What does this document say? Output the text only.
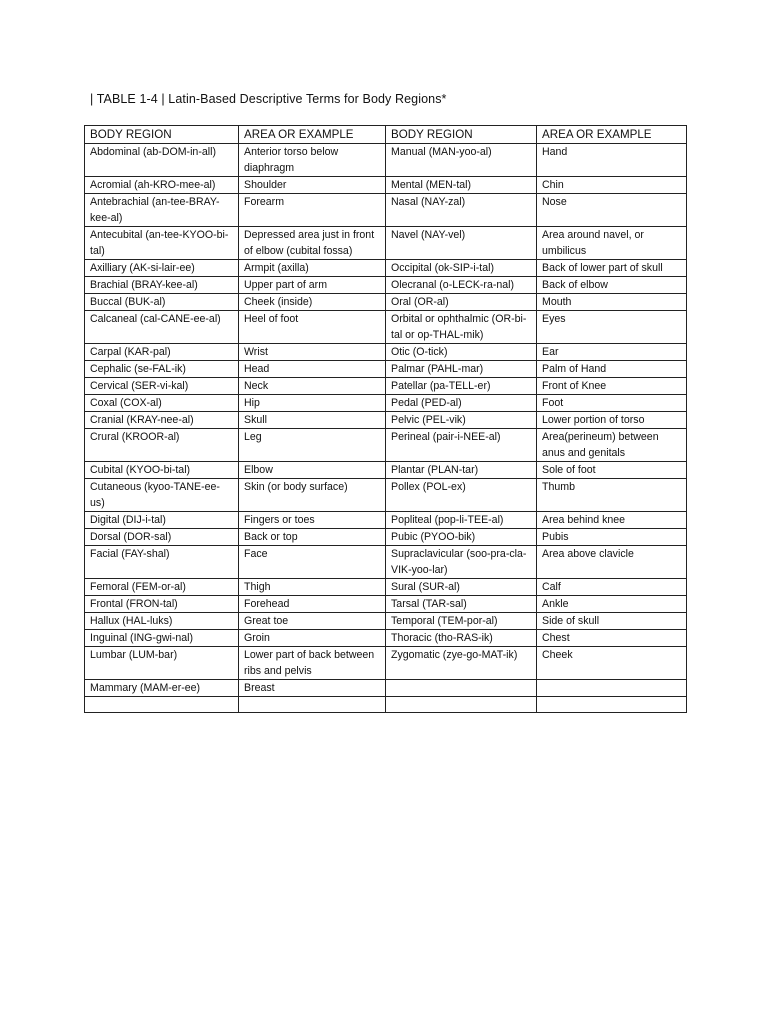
| TABLE 1-4 | Latin-Based Descriptive Terms for Body Regions*
BODY REGION	AREA OR EXAMPLE	BODY REGION	AREA OR EXAMPLE
Abdominal (ab-DOM-in-all)	Anterior torso below diaphragm	Manual (MAN-yoo-al)	Hand
Acromial (ah-KRO-mee-al)	Shoulder	Mental (MEN-tal)	Chin
Antebrachial (an-tee-BRAY-kee-al)	Forearm	Nasal (NAY-zal)	Nose
Antecubital (an-tee-KYOO-bi-tal)	Depressed area just in front of elbow (cubital fossa)	Navel (NAY-vel)	Area around navel, or umbilicus
Axilliary (AK-si-lair-ee)	Armpit (axilla)	Occipital (ok-SIP-i-tal)	Back of lower part of skull
Brachial (BRAY-kee-al)	Upper part of arm	Olecranal (o-LECK-ra-nal)	Back of elbow
Buccal (BUK-al)	Cheek (inside)	Oral (OR-al)	Mouth
Calcaneal (cal-CANE-ee-al)	Heel of foot	Orbital or ophthalmic (OR-bi-tal or op-THAL-mik)	Eyes
Carpal (KAR-pal)	Wrist	Otic (O-tick)	Ear
Cephalic (se-FAL-ik)	Head	Palmar (PAHL-mar)	Palm of Hand
Cervical (SER-vi-kal)	Neck	Patellar (pa-TELL-er)	Front of Knee
Coxal (COX-al)	Hip	Pedal (PED-al)	Foot
Cranial (KRAY-nee-al)	Skull	Pelvic (PEL-vik)	Lower portion of torso
Crural (KROOR-al)	Leg	Perineal (pair-i-NEE-al)	Area(perineum) between anus and genitals
Cubital (KYOO-bi-tal)	Elbow	Plantar (PLAN-tar)	Sole of foot
Cutaneous (kyoo-TANE-ee-us)	Skin (or body surface)	Pollex (POL-ex)	Thumb
Digital (DIJ-i-tal)	Fingers or toes	Popliteal (pop-li-TEE-al)	Area behind knee
Dorsal (DOR-sal)	Back or top	Pubic (PYOO-bik)	Pubis
Facial (FAY-shal)	Face	Supraclavicular (soo-pra-cla-VIK-yoo-lar)	Area above clavicle
Femoral (FEM-or-al)	Thigh	Sural (SUR-al)	Calf
Frontal (FRON-tal)	Forehead	Tarsal (TAR-sal)	Ankle
Hallux (HAL-luks)	Great toe	Temporal (TEM-por-al)	Side of skull
Inguinal (ING-gwi-nal)	Groin	Thoracic (tho-RAS-ik)	Chest
Lumbar (LUM-bar)	Lower part of back between ribs and pelvis	Zygomatic (zye-go-MAT-ik)	Cheek
Mammary (MAM-er-ee)	Breast		
